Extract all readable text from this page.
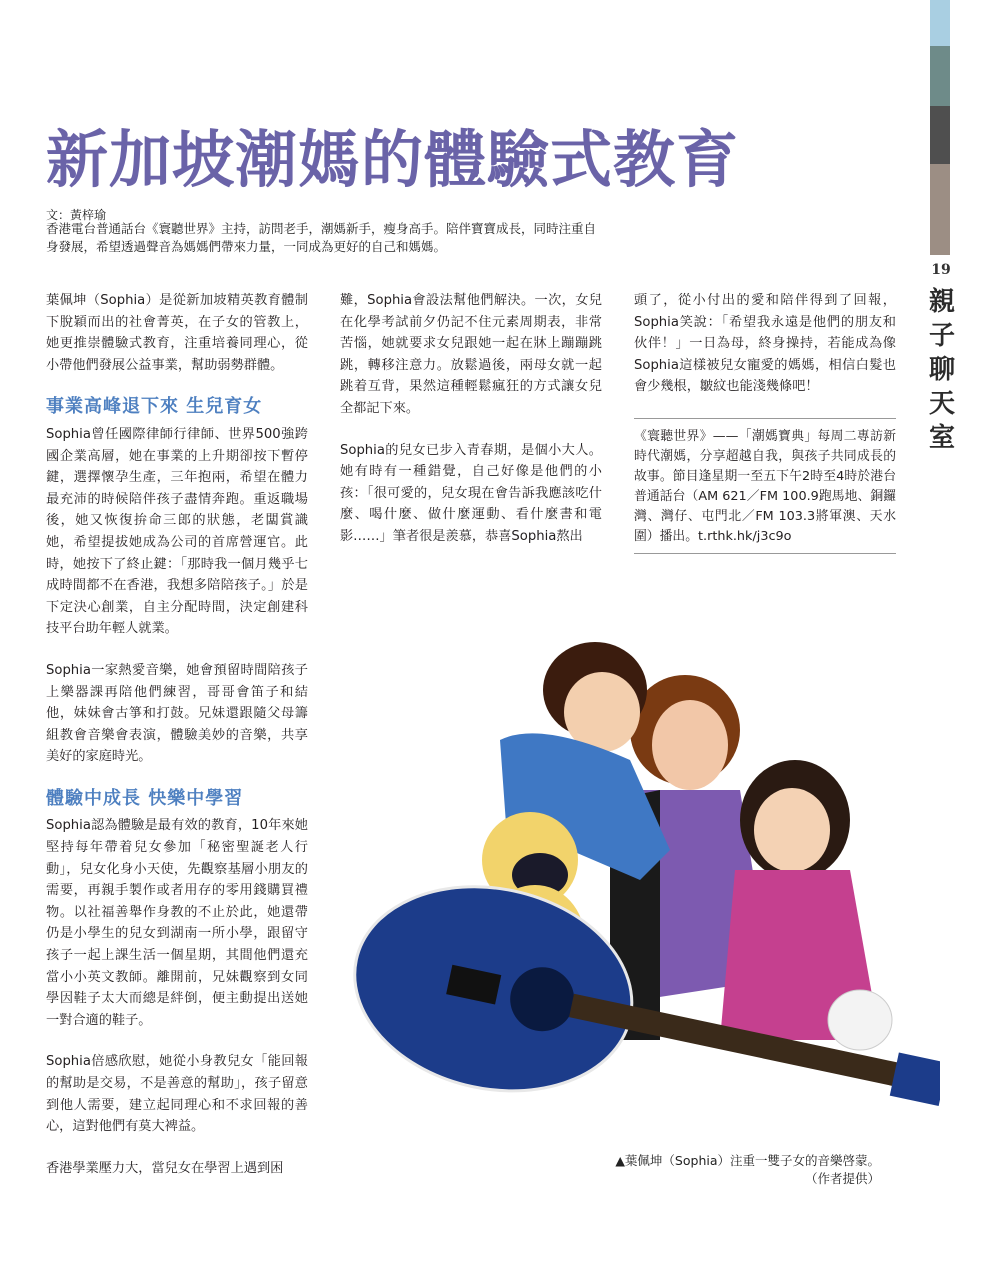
19
親子聊天室
新加坡潮媽的體驗式教育
文：黃梓瑜
香港電台普通話台《寰聽世界》主持，訪問老手，潮媽新手，瘦身高手。陪伴寶寶成長，同時注重自身發展，希望透過聲音為媽媽們帶來力量，一同成為更好的自己和媽媽。

葉佩坤（Sophia）是從新加坡精英教育體制下脫穎而出的社會菁英，在子女的管教上，她更推崇體驗式教育，注重培養同理心，從小帶他們發展公益事業，幫助弱勢群體。

事業高峰退下來 生兒育女

Sophia曾任國際律師行律師、世界500強跨國企業高層，她在事業的上升期卻按下暫停鍵，選擇懷孕生產，三年抱兩，希望在體力最充沛的時候陪伴孩子盡情奔跑。重返職場後，她又恢復拚命三郎的狀態，老闆賞識她，希望提拔她成為公司的首席營運官。此時，她按下了終止鍵：「那時我一個月幾乎七成時間都不在香港，我想多陪陪孩子。」於是下定決心創業，自主分配時間，決定創建科技平台助年輕人就業。

Sophia一家熱愛音樂，她會預留時間陪孩子上樂器課再陪他們練習，哥哥會笛子和結他，妹妹會古箏和打鼓。兄妹還跟隨父母籌組教會音樂會表演，體驗美妙的音樂，共享美好的家庭時光。

體驗中成長 快樂中學習

Sophia認為體驗是最有效的教育，10年來她堅持每年帶着兒女參加「秘密聖誕老人行動」，兒女化身小天使，先觀察基層小朋友的需要，再親手製作或者用存的零用錢購買禮物。以社福善舉作身教的不止於此，她還帶仍是小學生的兒女到湖南一所小學，跟留守孩子一起上課生活一個星期，其間他們還充當小小英文教師。離開前，兄妹觀察到女同學因鞋子太大而總是絆倒，便主動提出送她一對合適的鞋子。

Sophia倍感欣慰，她從小身教兒女「能回報的幫助是交易，不是善意的幫助」，孩子留意到他人需要，建立起同理心和不求回報的善心，這對他們有莫大裨益。

香港學業壓力大，當兒女在學習上遇到困

難，Sophia會設法幫他們解決。一次，女兒在化學考試前夕仍記不住元素周期表，非常苦惱，她就要求女兒跟她一起在牀上蹦蹦跳跳，轉移注意力。放鬆過後，兩母女就一起跳着互背，果然這種輕鬆瘋狂的方式讓女兒全都記下來。

Sophia的兒女已步入青春期，是個小大人。她有時有一種錯覺，自己好像是他們的小孩：「很可愛的，兒女現在會告訴我應該吃什麼、喝什麼、做什麼運動、看什麼書和電影……」筆者很是羨慕，恭喜Sophia熬出

頭了，從小付出的愛和陪伴得到了回報，Sophia笑說：「希望我永遠是他們的朋友和伙伴！」一日為母，終身操持，若能成為像Sophia這樣被兒女寵愛的媽媽，相信白髮也會少幾根，皺紋也能淺幾條吧！

《寰聽世界》——「潮媽寶典」每周二專訪新時代潮媽，分享超越自我，與孩子共同成長的故事。節目逢星期一至五下午2時至4時於港台普通話台（AM 621／FM 100.9跑馬地、銅鑼灣、灣仔、屯門北／FM 103.3將軍澳、天水圍）播出。t.rthk.hk/j3c9o
▲葉佩坤（Sophia）注重一雙子女的音樂啓蒙。
（作者提供）
